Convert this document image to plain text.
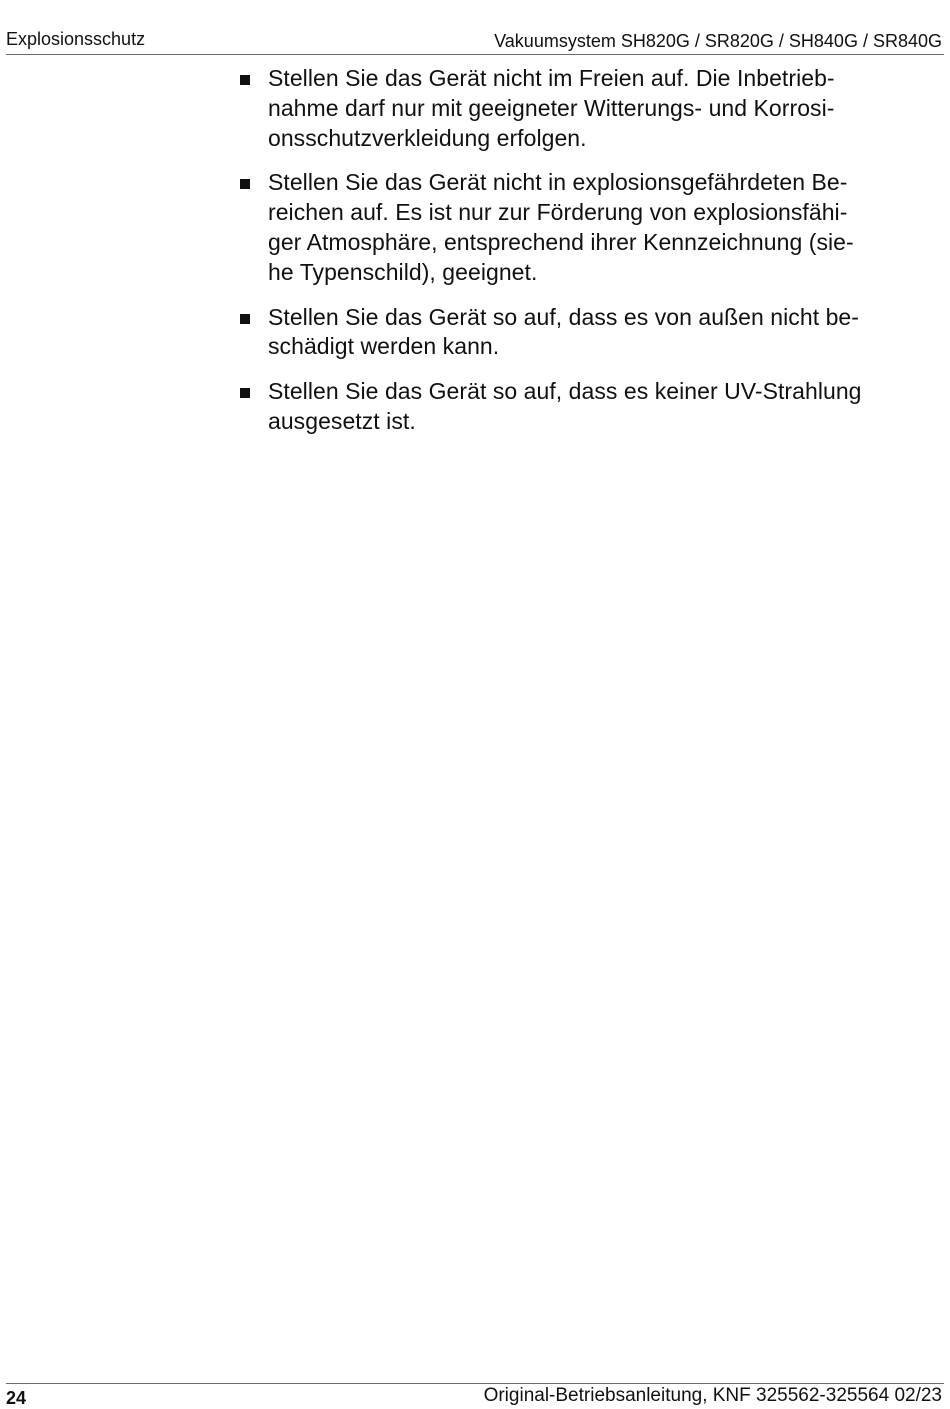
Explosionsschutz	Vakuumsystem SH820G / SR820G / SH840G / SR840G
Stellen Sie das Gerät nicht im Freien auf. Die Inbetrieb-
nahme darf nur mit geeigneter Witterungs- und Korrosi-
onsschutzverkleidung erfolgen.
Stellen Sie das Gerät nicht in explosionsgefährdeten Be-
reichen auf. Es ist nur zur Förderung von explosionsfähi-
ger Atmosphäre, entsprechend ihrer Kennzeichnung (sie-
he Typenschild), geeignet.
Stellen Sie das Gerät so auf, dass es von außen nicht be-
schädigt werden kann.
Stellen Sie das Gerät so auf, dass es keiner UV-Strahlung
ausgesetzt ist.
24	Original-Betriebsanleitung, KNF 325562-325564 02/23
